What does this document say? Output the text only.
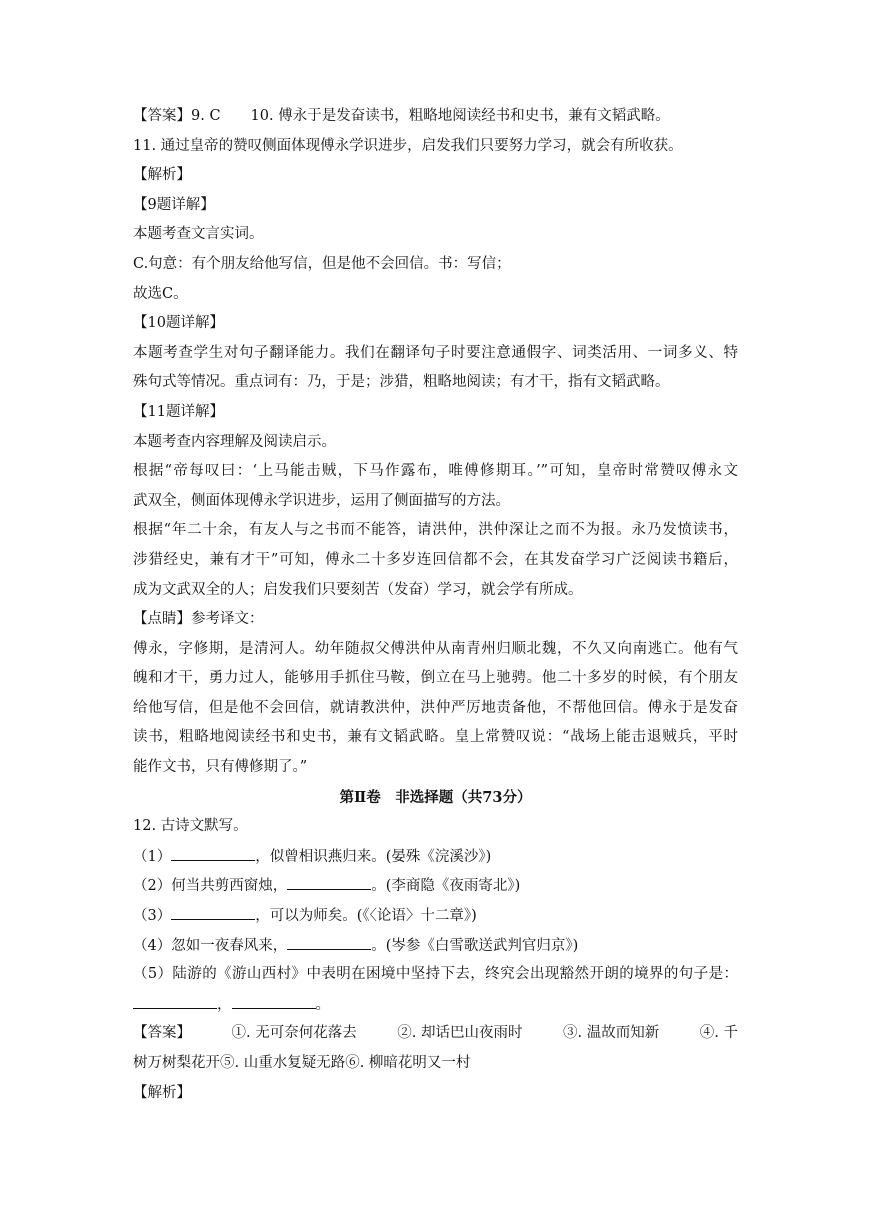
【答案】9. C 10. 傅永于是发奋读书，粗略地阅读经书和史书，兼有文韬武略。
11. 通过皇帝的赞叹侧面体现傅永学识进步，启发我们只要努力学习，就会有所收获。
【解析】
【9题详解】
本题考查文言实词。
C.句意：有个朋友给他写信，但是他不会回信。书：写信；
故选C。
【10题详解】
本题考查学生对句子翻译能力。我们在翻译句子时要注意通假字、词类活用、一词多义、特
殊句式等情况。重点词有：乃，于是；涉猎，粗略地阅读；有才干，指有文韬武略。
【11题详解】
本题考查内容理解及阅读启示。
根据“帝每叹曰：‘上马能击贼，下马作露布，唯傅修期耳。’”可知，皇帝时常赞叹傅永文
武双全，侧面体现傅永学识进步，运用了侧面描写的方法。
根据“年二十余，有友人与之书而不能答，请洪仲，洪仲深让之而不为报。永乃发愤读书，
涉猎经史，兼有才干”可知，傅永二十多岁连回信都不会，在其发奋学习广泛阅读书籍后，
成为文武双全的人；启发我们只要刻苦（发奋）学习，就会学有所成。
【点睛】参考译文：
傅永，字修期，是清河人。幼年随叔父傅洪仲从南青州归顺北魏，不久又向南逃亡。他有气
魄和才干，勇力过人，能够用手抓住马鞍，倒立在马上驰骋。他二十多岁的时候，有个朋友
给他写信，但是他不会回信，就请教洪仲，洪仲严厉地责备他，不帮他回信。傅永于是发奋
读书，粗略地阅读经书和史书，兼有文韬武略。皇上常赞叹说：“战场上能击退贼兵，平时
能作文书，只有傅修期了。”
第Ⅱ卷　非选择题（共73分）
12. 古诗文默写。
（1）	，似曾相识燕归来。(晏殊《浣溪沙》)
（2）何当共剪西窗烛，	。(李商隐《夜雨寄北》)
（3）	，可以为师矣。(《〈论语〉十二章》)
（4）忽如一夜春风来，	。(岑参《白雪歌送武判官归京》)
（5）陆游的《游山西村》中表明在困境中坚持下去，终究会出现豁然开朗的境界的句子是：
，	。
【答案】	①. 无可奈何花落去	②. 却话巴山夜雨时	③. 温故而知新	④. 千
树万树梨花开⑤. 山重水复疑无路⑥. 柳暗花明又一村
【解析】
